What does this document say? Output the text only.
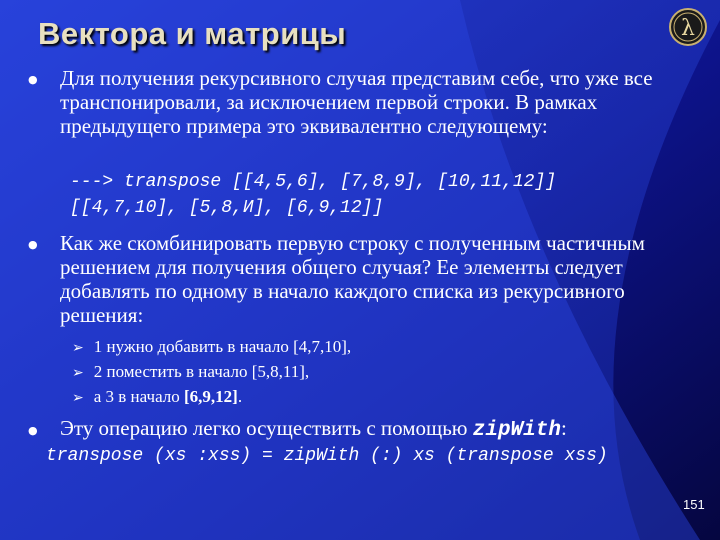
Вектора и матрицы	λ
● Для получения рекурсивного случая представим себе, что уже все транспонировали, за исключением первой строки. В рамках предыдущего примера это эквивалентно следующему:
---> transpose [[4,5,6], [7,8,9], [10,11,12]]
[[4,7,10], [5,8,И], [6,9,12]]
● Как же скомбинировать первую строку с полученным частичным решением для получения общего случая? Ее элементы следует добавлять по одному в начало каждого списка из рекурсивного решения:
➢ 1 нужно добавить в начало [4,7,10],
➢ 2 поместить в начало [5,8,11],
➢ а 3 в начало [6,9,12].
● Эту операцию легко осуществить с помощью zipWith:
transpose (xs :xss) = zipWith (:) xs (transpose xss)
151
